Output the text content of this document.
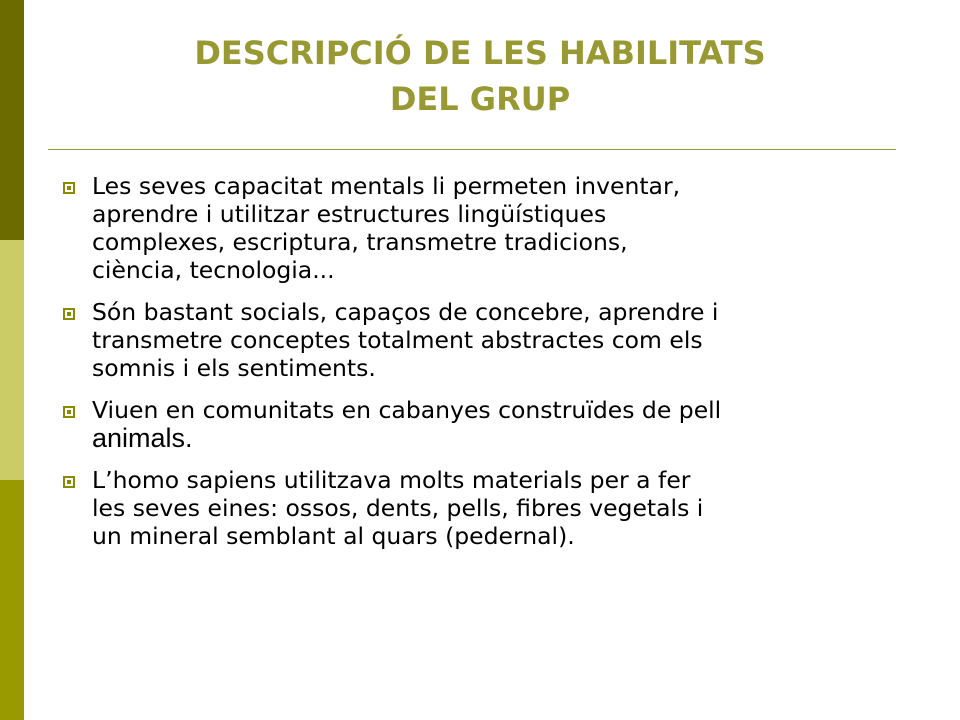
DESCRIPCIÓ DE LES HABILITATS
DEL GRUP
Les seves capacitat mentals li permeten inventar,
aprendre i utilitzar estructures lingüístiques
complexes, escriptura, transmetre tradicions,
ciència, tecnologia...
Són bastant socials, capaços de concebre, aprendre i
transmetre conceptes totalment abstractes com els
somnis i els sentiments.
Viuen en comunitats en cabanyes construïdes de pell
animals.
L’homo sapiens utilitzava molts materials per a fer
les seves eines: ossos, dents, pells, fibres vegetals i
un mineral semblant al quars (pedernal).
